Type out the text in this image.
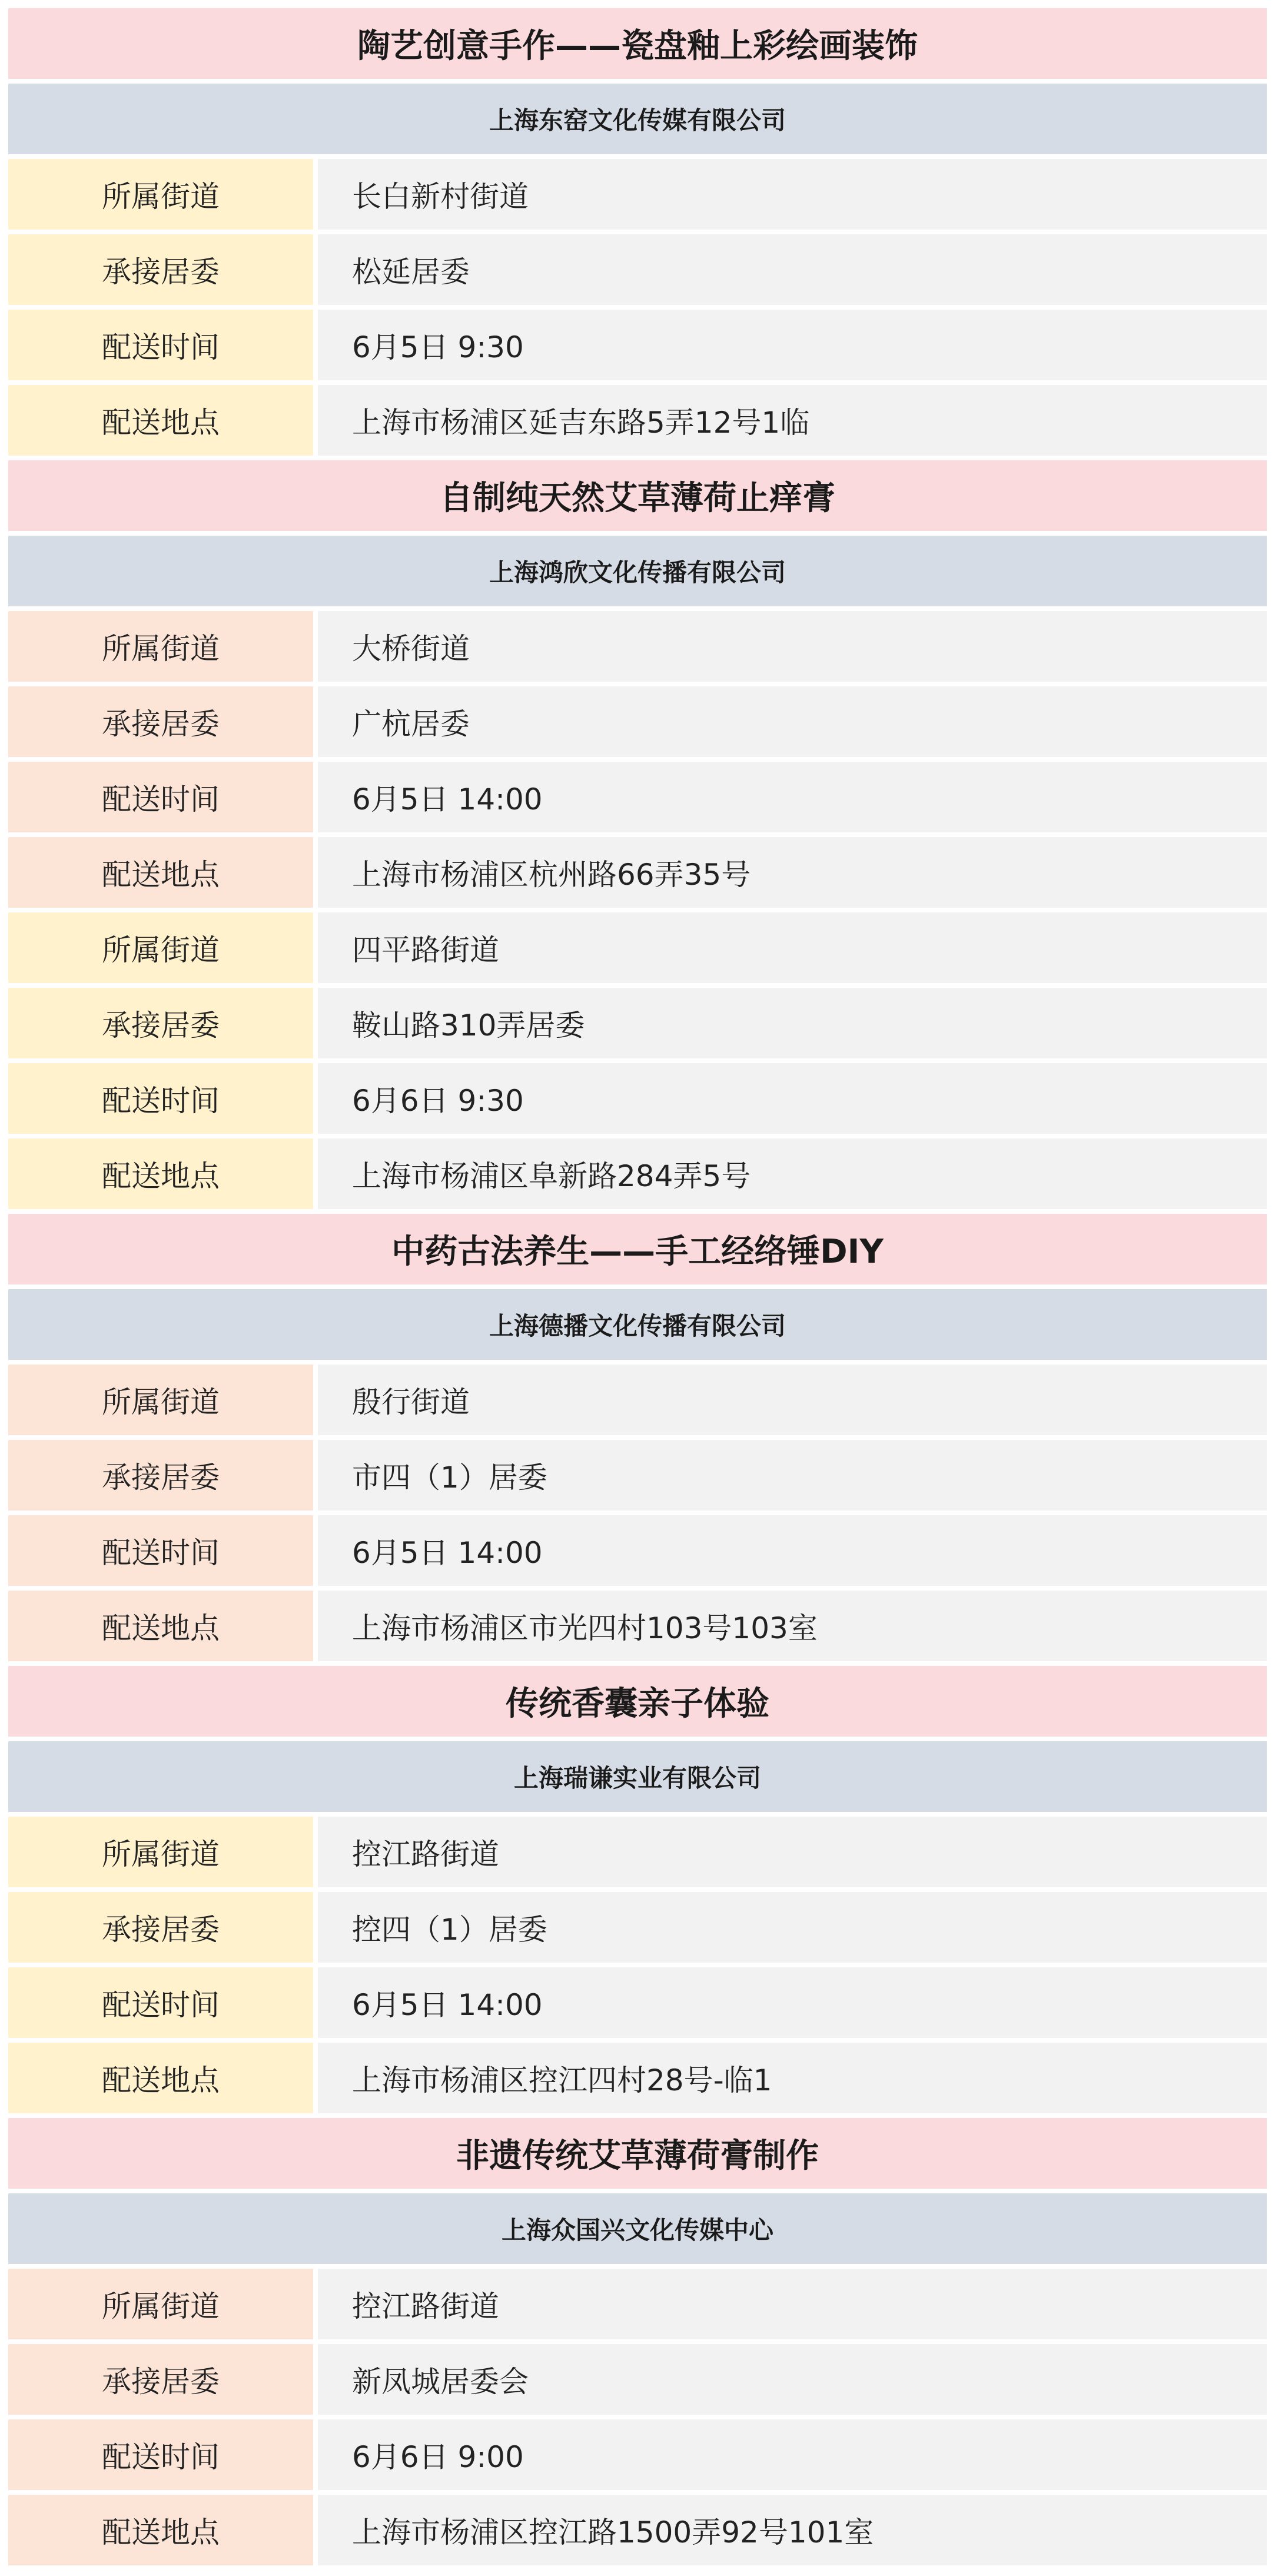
陶艺创意手作——瓷盘釉上彩绘画装饰
上海东窑文化传媒有限公司
所属街道	长白新村街道
承接居委	松延居委
配送时间	6月5日 9:30
配送地点	上海市杨浦区延吉东路5弄12号1临
自制纯天然艾草薄荷止痒膏
上海鸿欣文化传播有限公司
所属街道	大桥街道
承接居委	广杭居委
配送时间	6月5日 14:00
配送地点	上海市杨浦区杭州路66弄35号
所属街道	四平路街道
承接居委	鞍山路310弄居委
配送时间	6月6日 9:30
配送地点	上海市杨浦区阜新路284弄5号
中药古法养生——手工经络锤DIY
上海德播文化传播有限公司
所属街道	殷行街道
承接居委	市四（1）居委
配送时间	6月5日 14:00
配送地点	上海市杨浦区市光四村103号103室
传统香囊亲子体验
上海瑞谦实业有限公司
所属街道	控江路街道
承接居委	控四（1）居委
配送时间	6月5日 14:00
配送地点	上海市杨浦区控江四村28号-临1
非遗传统艾草薄荷膏制作
上海众国兴文化传媒中心
所属街道	控江路街道
承接居委	新凤城居委会
配送时间	6月6日 9:00
配送地点	上海市杨浦区控江路1500弄92号101室
